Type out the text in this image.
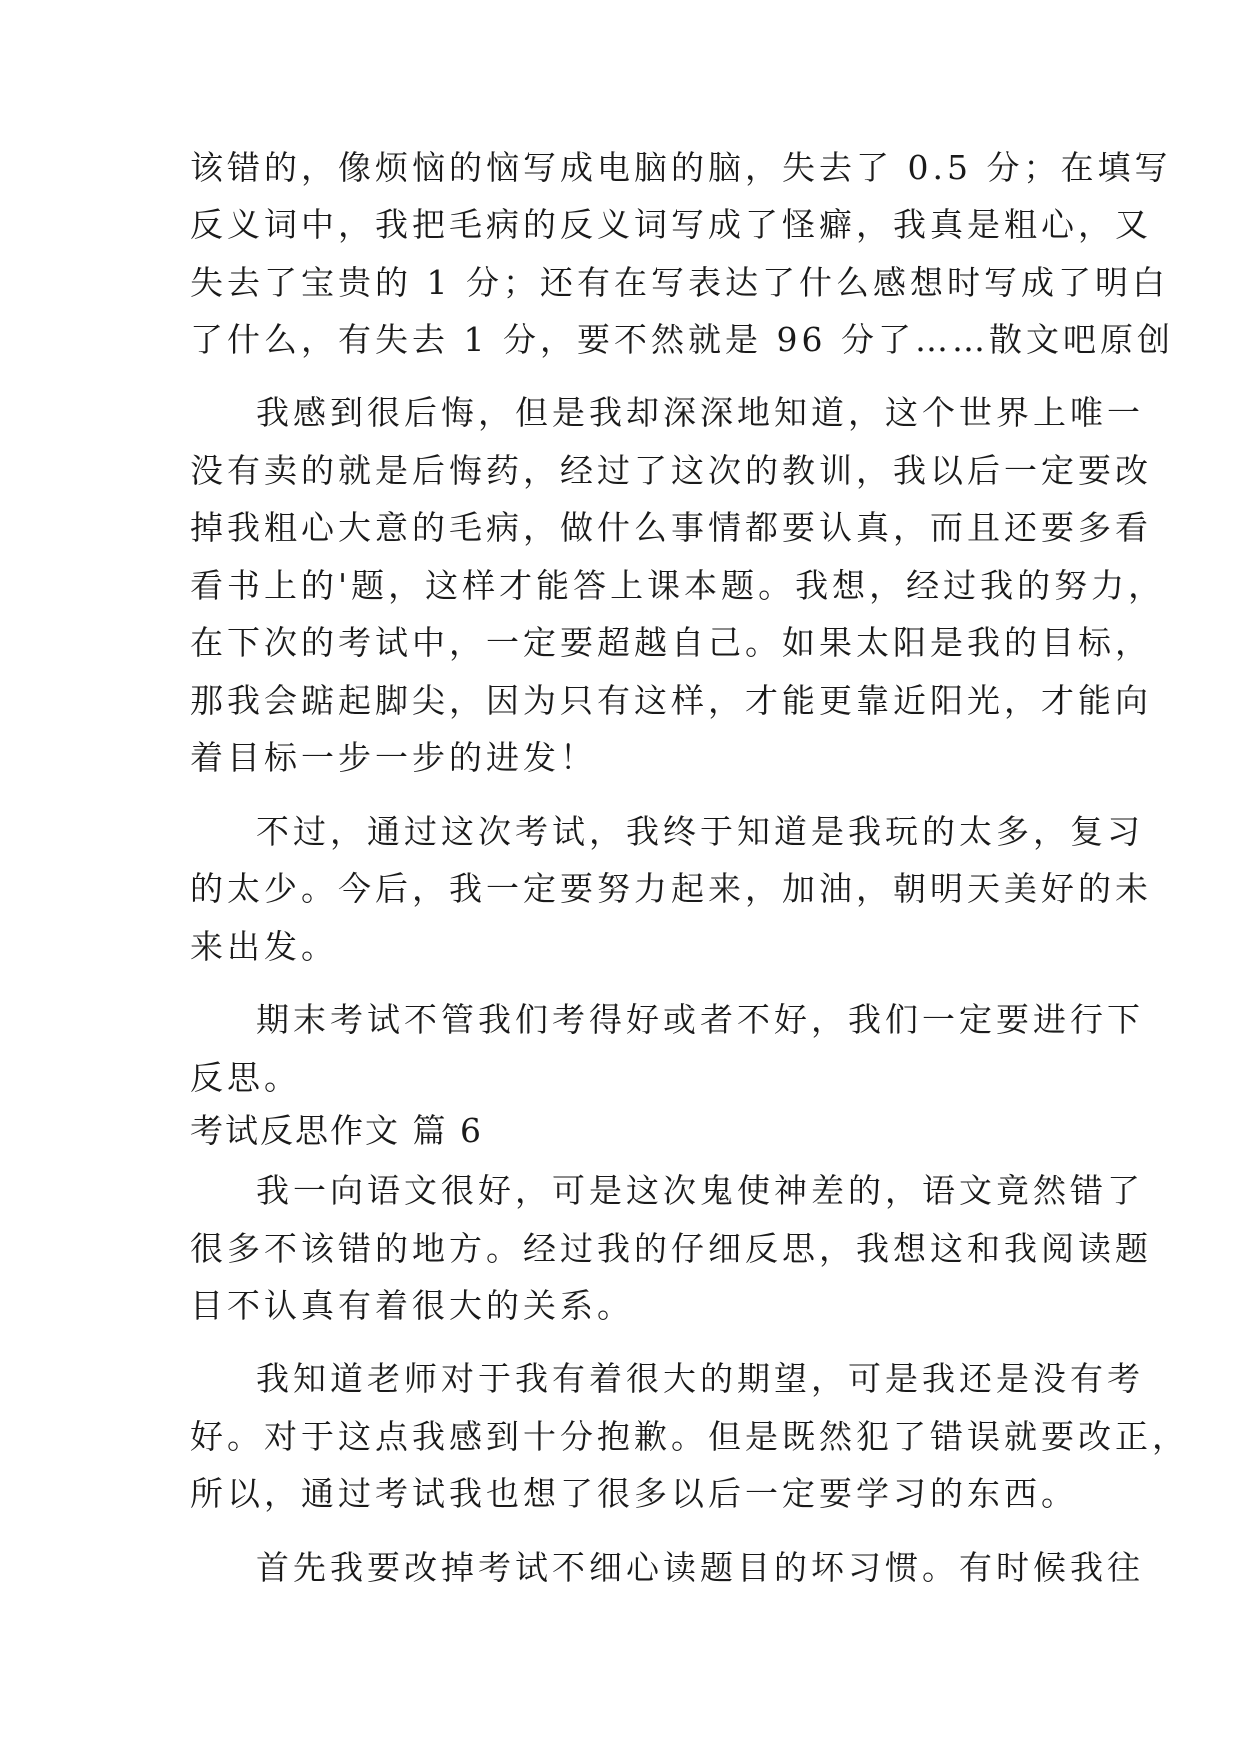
该错的，像烦恼的恼写成电脑的脑，失去了 0.5 分；在填写
反义词中，我把毛病的反义词写成了怪癖，我真是粗心，又
失去了宝贵的 1 分；还有在写表达了什么感想时写成了明白
了什么，有失去 1 分，要不然就是 96 分了……散文吧原创
我感到很后悔，但是我却深深地知道，这个世界上唯一
没有卖的就是后悔药，经过了这次的教训，我以后一定要改
掉我粗心大意的毛病，做什么事情都要认真，而且还要多看
看书上的'题，这样才能答上课本题。我想，经过我的努力，
在下次的考试中，一定要超越自己。如果太阳是我的目标，
那我会踮起脚尖，因为只有这样，才能更靠近阳光，才能向
着目标一步一步的进发！
不过，通过这次考试，我终于知道是我玩的太多，复习
的太少。今后，我一定要努力起来，加油，朝明天美好的未
来出发。
期末考试不管我们考得好或者不好，我们一定要进行下
反思。
考试反思作文 篇 6
我一向语文很好，可是这次鬼使神差的，语文竟然错了
很多不该错的地方。经过我的仔细反思，我想这和我阅读题
目不认真有着很大的关系。
我知道老师对于我有着很大的期望，可是我还是没有考
好。对于这点我感到十分抱歉。但是既然犯了错误就要改正，
所以，通过考试我也想了很多以后一定要学习的东西。
首先我要改掉考试不细心读题目的坏习惯。有时候我往
